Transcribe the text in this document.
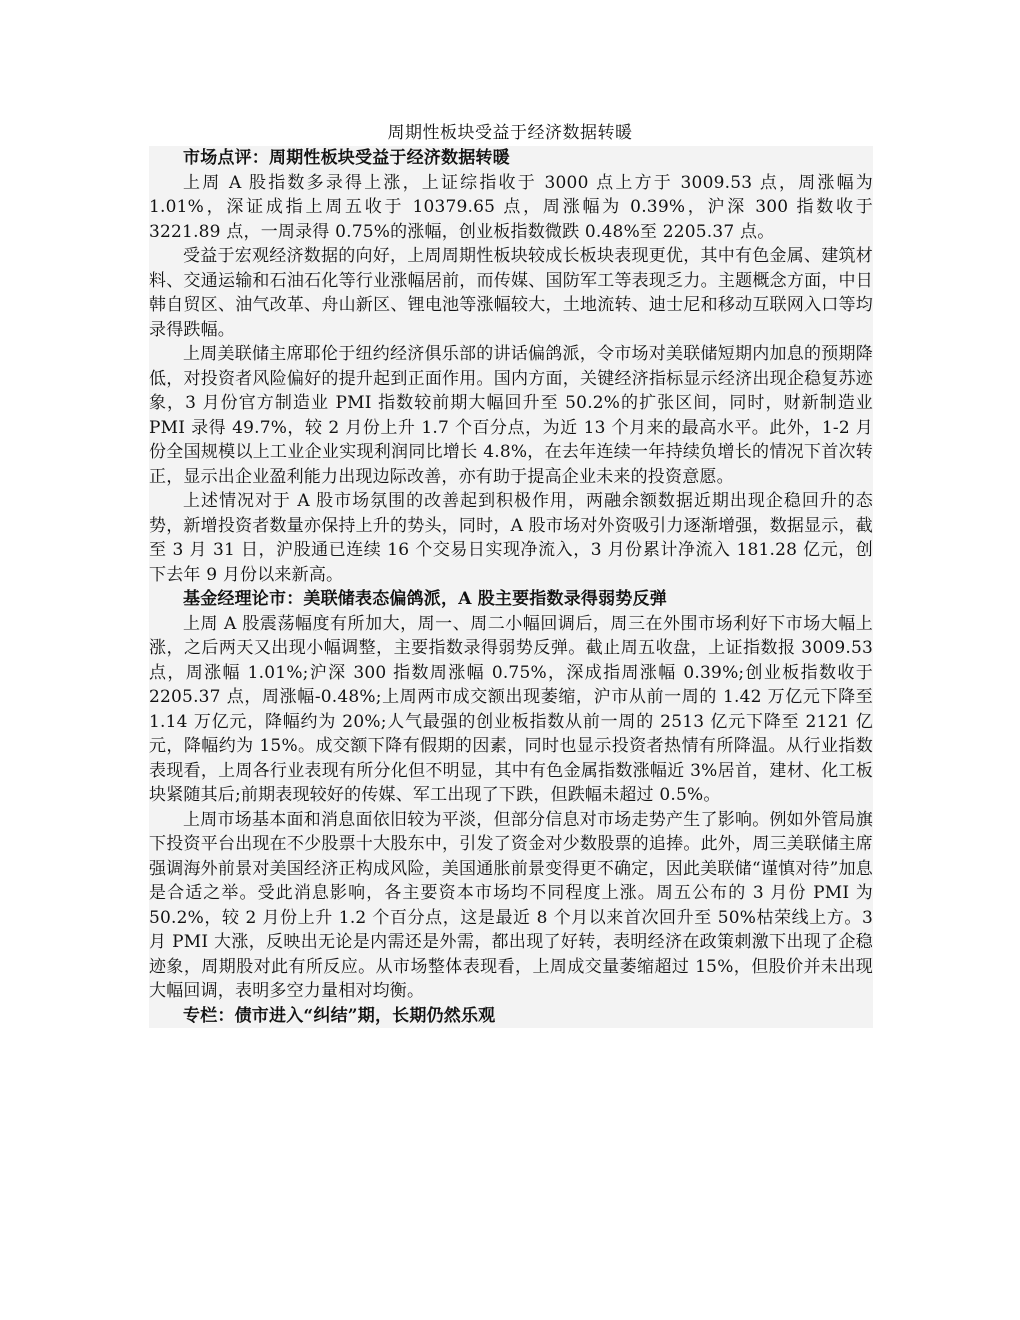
周期性板块受益于经济数据转暖

市场点评：周期性板块受益于经济数据转暖

上周 A 股指数多录得上涨，上证综指收于 3000 点上方于 3009.53 点，周涨幅为 1.01%，深证成指上周五收于 10379.65 点，周涨幅为 0.39%，沪深 300 指数收于 3221.89 点，一周录得 0.75%的涨幅，创业板指数微跌 0.48%至 2205.37 点。

受益于宏观经济数据的向好，上周周期性板块较成长板块表现更优，其中有色金属、建筑材料、交通运输和石油石化等行业涨幅居前，而传媒、国防军工等表现乏力。主题概念方面，中日韩自贸区、油气改革、舟山新区、锂电池等涨幅较大，土地流转、迪士尼和移动互联网入口等均录得跌幅。

上周美联储主席耶伦于纽约经济俱乐部的讲话偏鸽派，令市场对美联储短期内加息的预期降低，对投资者风险偏好的提升起到正面作用。国内方面，关键经济指标显示经济出现企稳复苏迹象，3 月份官方制造业 PMI 指数较前期大幅回升至 50.2%的扩张区间，同时，财新制造业 PMI 录得 49.7%，较 2 月份上升 1.7 个百分点，为近 13 个月来的最高水平。此外，1-2 月份全国规模以上工业企业实现利润同比增长 4.8%，在去年连续一年持续负增长的情况下首次转正，显示出企业盈利能力出现边际改善，亦有助于提高企业未来的投资意愿。

上述情况对于 A 股市场氛围的改善起到积极作用，两融余额数据近期出现企稳回升的态势，新增投资者数量亦保持上升的势头，同时，A 股市场对外资吸引力逐渐增强，数据显示，截至 3 月 31 日，沪股通已连续 16 个交易日实现净流入，3 月份累计净流入 181.28 亿元，创下去年 9 月份以来新高。

基金经理论市：美联储表态偏鸽派，A 股主要指数录得弱势反弹

上周 A 股震荡幅度有所加大，周一、周二小幅回调后，周三在外围市场利好下市场大幅上涨，之后两天又出现小幅调整，主要指数录得弱势反弹。截止周五收盘，上证指数报 3009.53 点，周涨幅 1.01%;沪深 300 指数周涨幅 0.75%，深成指周涨幅 0.39%;创业板指数收于 2205.37 点，周涨幅-0.48%;上周两市成交额出现萎缩，沪市从前一周的 1.42 万亿元下降至 1.14 万亿元，降幅约为 20%;人气最强的创业板指数从前一周的 2513 亿元下降至 2121 亿元，降幅约为 15%。成交额下降有假期的因素，同时也显示投资者热情有所降温。从行业指数表现看，上周各行业表现有所分化但不明显，其中有色金属指数涨幅近 3%居首，建材、化工板块紧随其后;前期表现较好的传媒、军工出现了下跌，但跌幅未超过 0.5%。

上周市场基本面和消息面依旧较为平淡，但部分信息对市场走势产生了影响。例如外管局旗下投资平台出现在不少股票十大股东中，引发了资金对少数股票的追捧。此外，周三美联储主席强调海外前景对美国经济正构成风险，美国通胀前景变得更不确定，因此美联储“谨慎对待”加息是合适之举。受此消息影响，各主要资本市场均不同程度上涨。周五公布的 3 月份 PMI 为 50.2%，较 2 月份上升 1.2 个百分点，这是最近 8 个月以来首次回升至 50%枯荣线上方。3 月 PMI 大涨，反映出无论是内需还是外需，都出现了好转，表明经济在政策刺激下出现了企稳迹象，周期股对此有所反应。从市场整体表现看，上周成交量萎缩超过 15%，但股价并未出现大幅回调，表明多空力量相对均衡。

专栏：债市进入“纠结”期，长期仍然乐观
